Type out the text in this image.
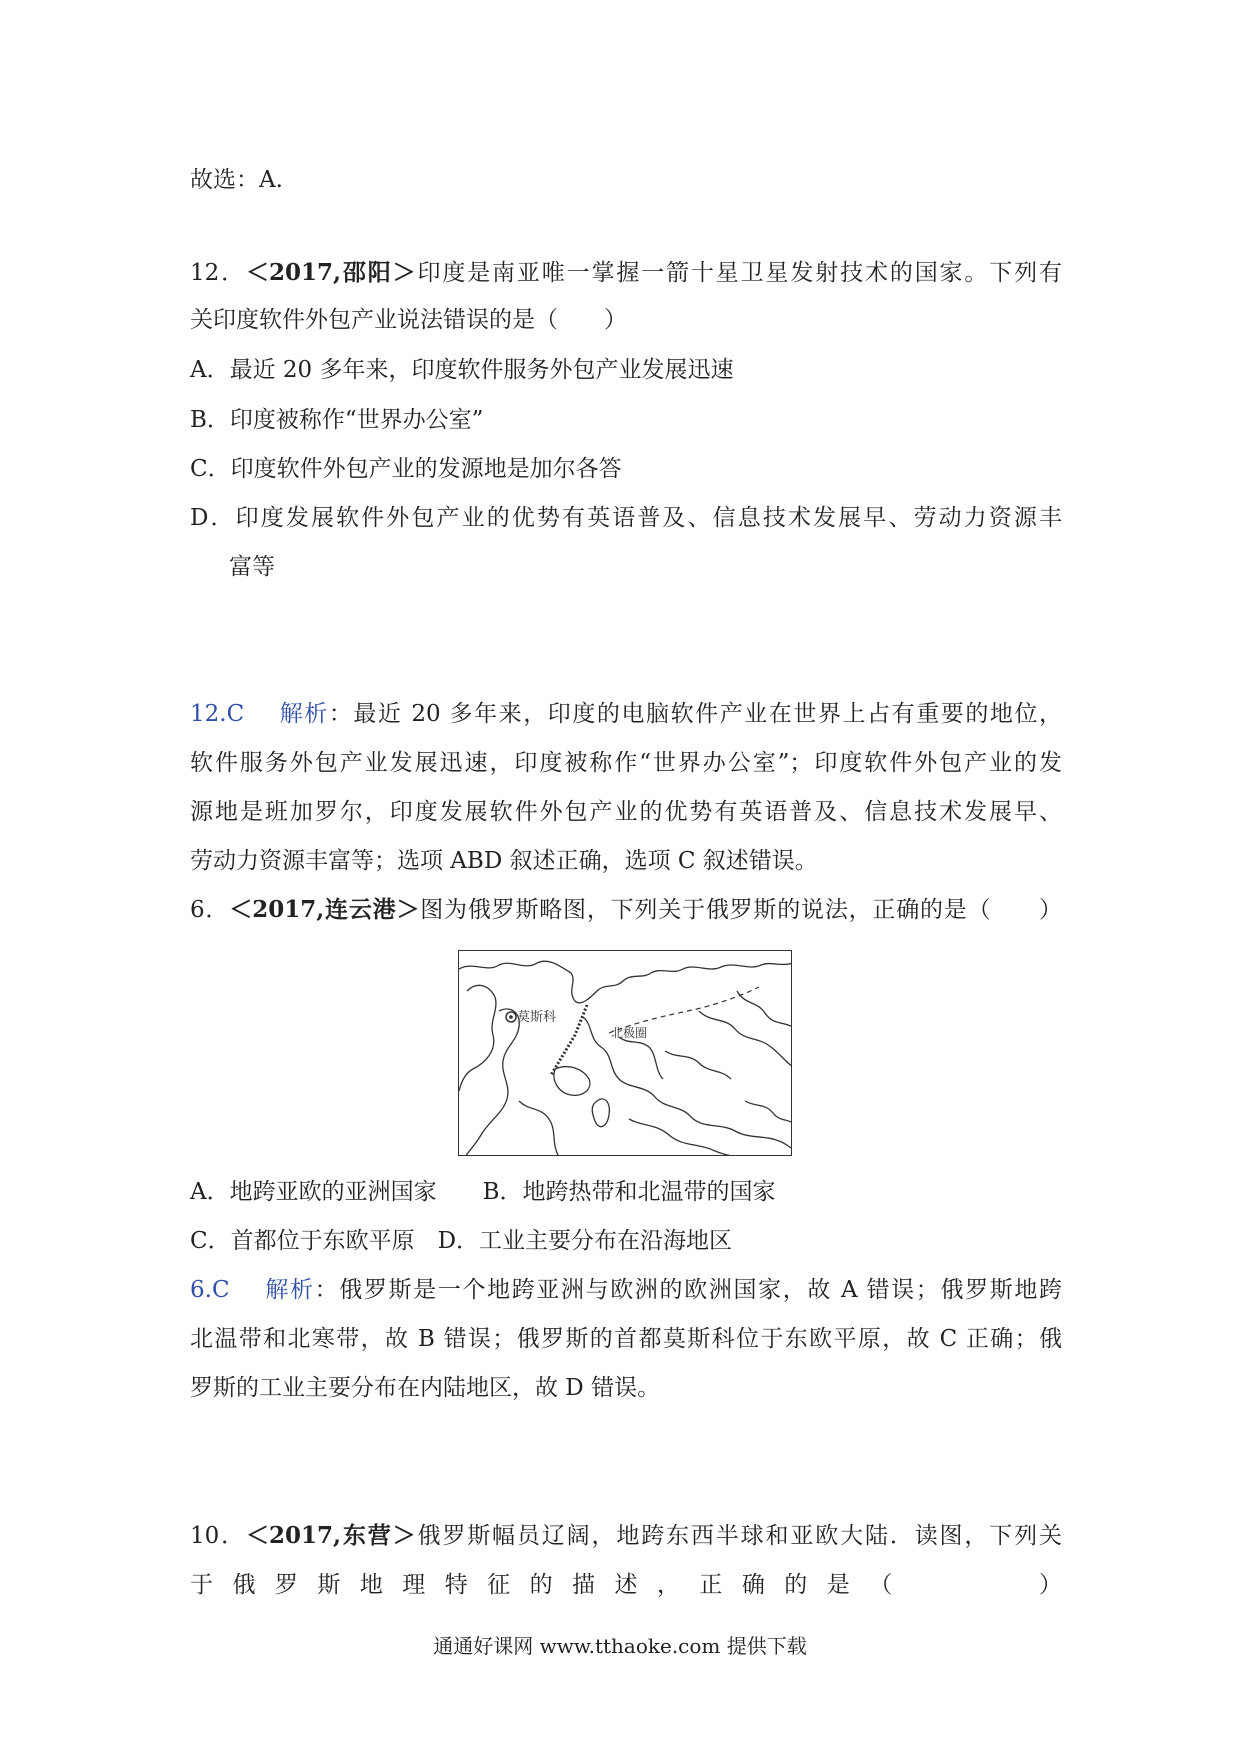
故选：A.
12．＜2017,邵阳＞印度是南亚唯一掌握一箭十星卫星发射技术的国家。下列有
关印度软件外包产业说法错误的是（　　）
A．最近 20 多年来，印度软件服务外包产业发展迅速
B．印度被称作“世界办公室”
C．印度软件外包产业的发源地是加尔各答
D．印度发展软件外包产业的优势有英语普及、信息技术发展早、劳动力资源丰
富等
12.C 解析：最近 20 多年来，印度的电脑软件产业在世界上占有重要的地位，
软件服务外包产业发展迅速，印度被称作“世界办公室”；印度软件外包产业的发
源地是班加罗尔，印度发展软件外包产业的优势有英语普及、信息技术发展早、
劳动力资源丰富等；选项 ABD 叙述正确，选项 C 叙述错误。
6．＜2017,连云港＞图为俄罗斯略图，下列关于俄罗斯的说法，正确的是（　　）
莫斯科
北极圈
A．地跨亚欧的亚洲国家　　B．地跨热带和北温带的国家
C．首都位于东欧平原　D．工业主要分布在沿海地区
6.C 解析：俄罗斯是一个地跨亚洲与欧洲的欧洲国家，故 A 错误；俄罗斯地跨
北温带和北寒带，故 B 错误；俄罗斯的首都莫斯科位于东欧平原，故 C 正确；俄
罗斯的工业主要分布在内陆地区，故 D 错误。
10．＜2017,东营＞俄罗斯幅员辽阔，地跨东西半球和亚欧大陆．读图，下列关
于俄罗斯地理特征的描述，正确的是（　　　）
通通好课网 www.tthaoke.com 提供下载
